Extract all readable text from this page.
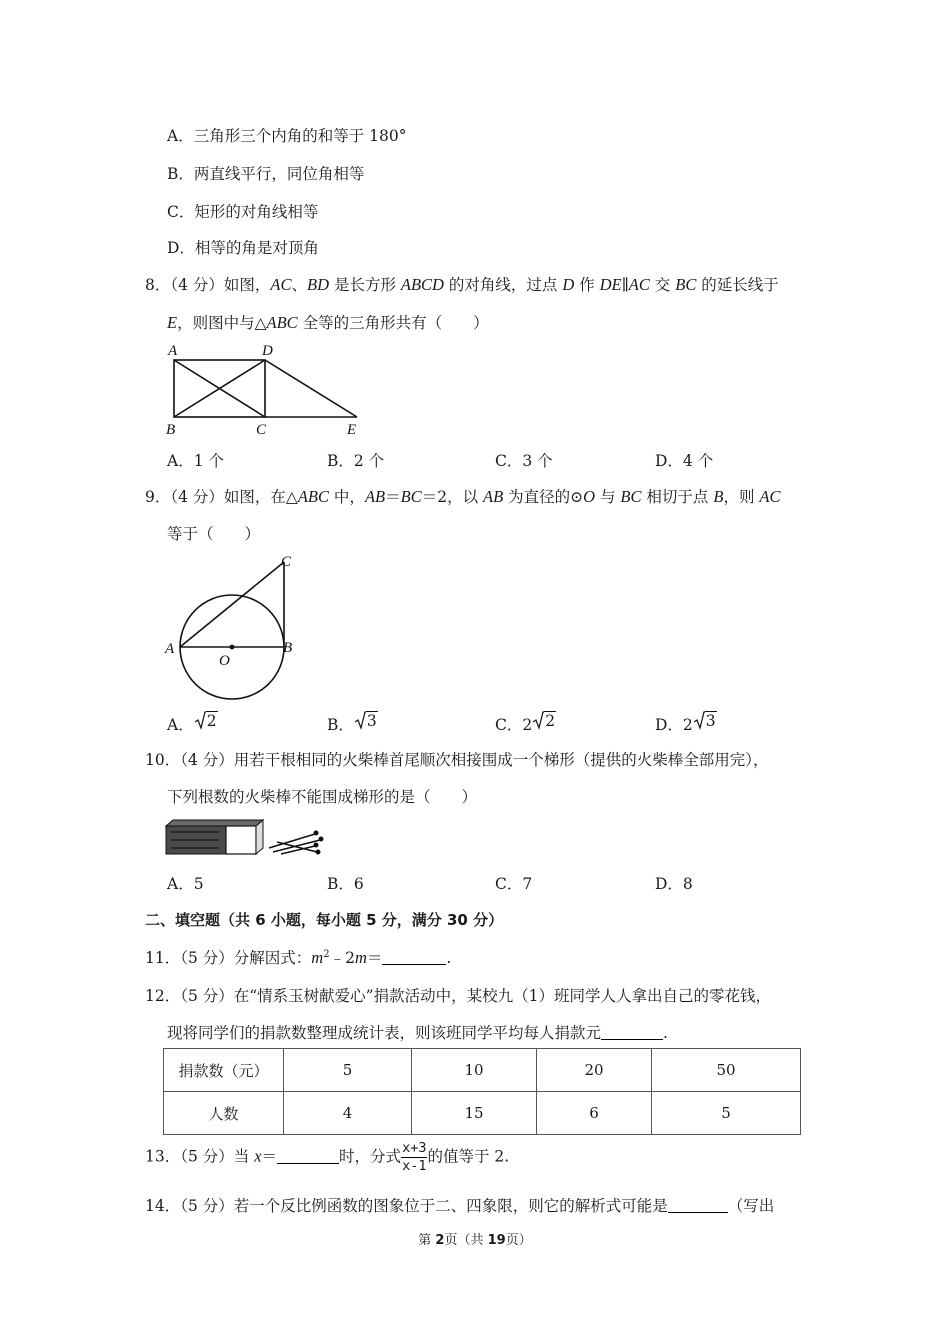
A．三角形三个内角的和等于 180°
B．两直线平行，同位角相等
C．矩形的对角线相等
D．相等的角是对顶角
8．（4 分）如图，AC、BD 是长方形 ABCD 的对角线，过点 D 作 DE∥AC 交 BC 的延长线于
E，则图中与△ABC 全等的三角形共有（　　）
A	D
B	C	E
A．1 个	B．2 个	C．3 个	D．4 个
9．（4 分）如图，在△ABC 中，AB＝BC＝2，以 AB 为直径的⊙O 与 BC 相切于点 B，则 AC
等于（　　）
C
A	B
O
A． 2	B． 3	C．2 2	D．2 3
10．（4 分）用若干根相同的火柴棒首尾顺次相接围成一个梯形（提供的火柴棒全部用完），
下列根数的火柴棒不能围成梯形的是（　　）
A．5	B．6	C．7	D．8
二、填空题（共 6 小题，每小题 5 分，满分 30 分）
11．（5 分）分解因式：$m^2﹣2m=$	.
12．（5 分）在“情系玉树献爱心”捐款活动中，某校九（1）班同学人人拿出自己的零花钱，
现将同学们的捐款数整理成统计表，则该班同学平均每人捐款元	.
捐款数（元）	5	10	20	50
人数	4	15	6	5
13．（5 分）当 x＝	时，分式 $\frac{x+3}{x-1}$ 的值等于 2.
14．（5 分）若一个反比例函数的图象位于二、四象限，则它的解析式可能是	（写出
第 2页（共 19页）
